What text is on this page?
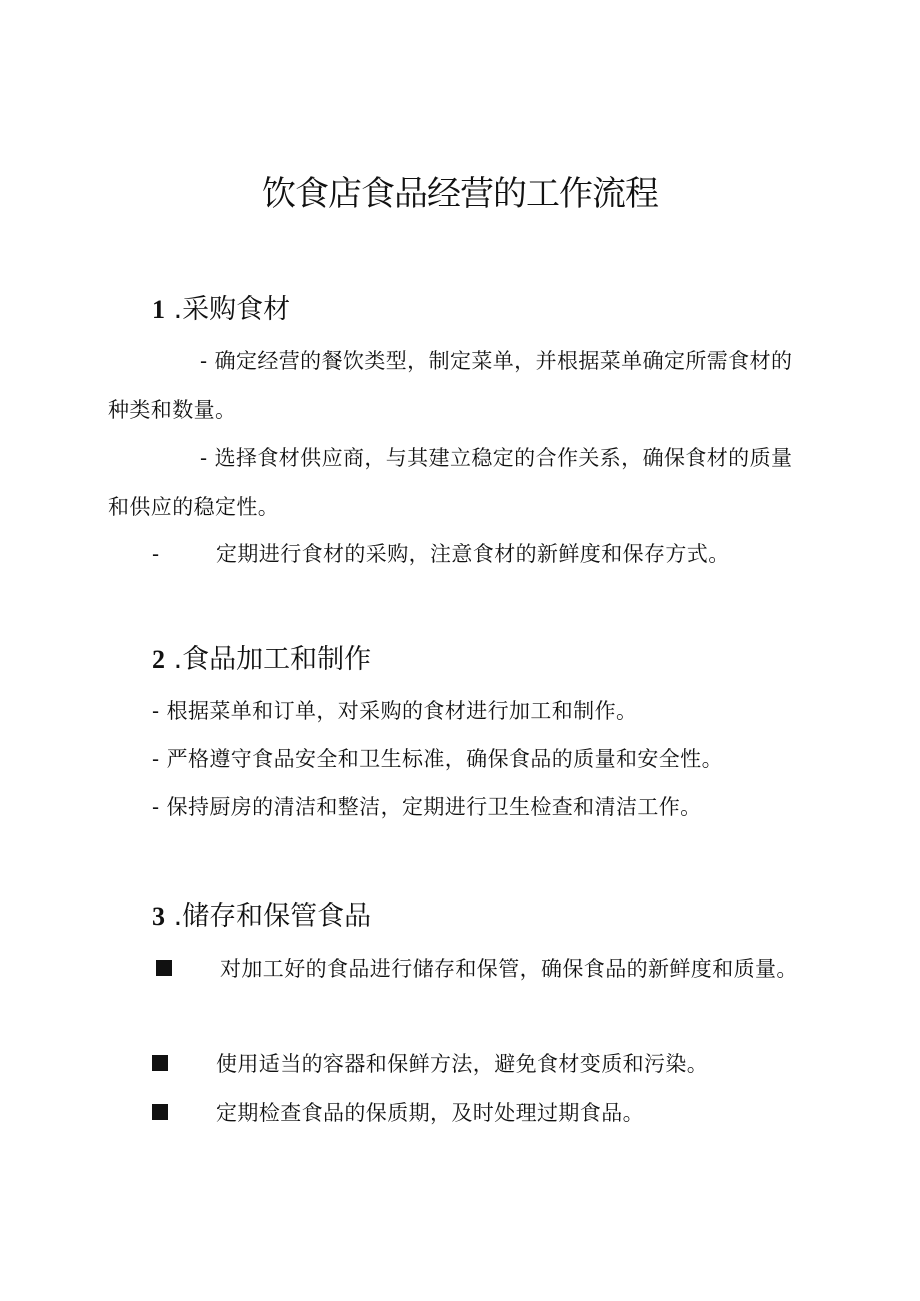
饮食店食品经营的工作流程
1 .采购食材
- 确定经营的餐饮类型，制定菜单，并根据菜单确定所需食材的种类和数量。
- 选择食材供应商，与其建立稳定的合作关系，确保食材的质量和供应的稳定性。
-	定期进行食材的采购，注意食材的新鲜度和保存方式。
2 .食品加工和制作
- 根据菜单和订单，对采购的食材进行加工和制作。
- 严格遵守食品安全和卫生标准，确保食品的质量和安全性。
- 保持厨房的清洁和整洁，定期进行卫生检查和清洁工作。
3 .储存和保管食品
对加工好的食品进行储存和保管，确保食品的新鲜度和质量。
使用适当的容器和保鲜方法，避免食材变质和污染。
定期检查食品的保质期，及时处理过期食品。
